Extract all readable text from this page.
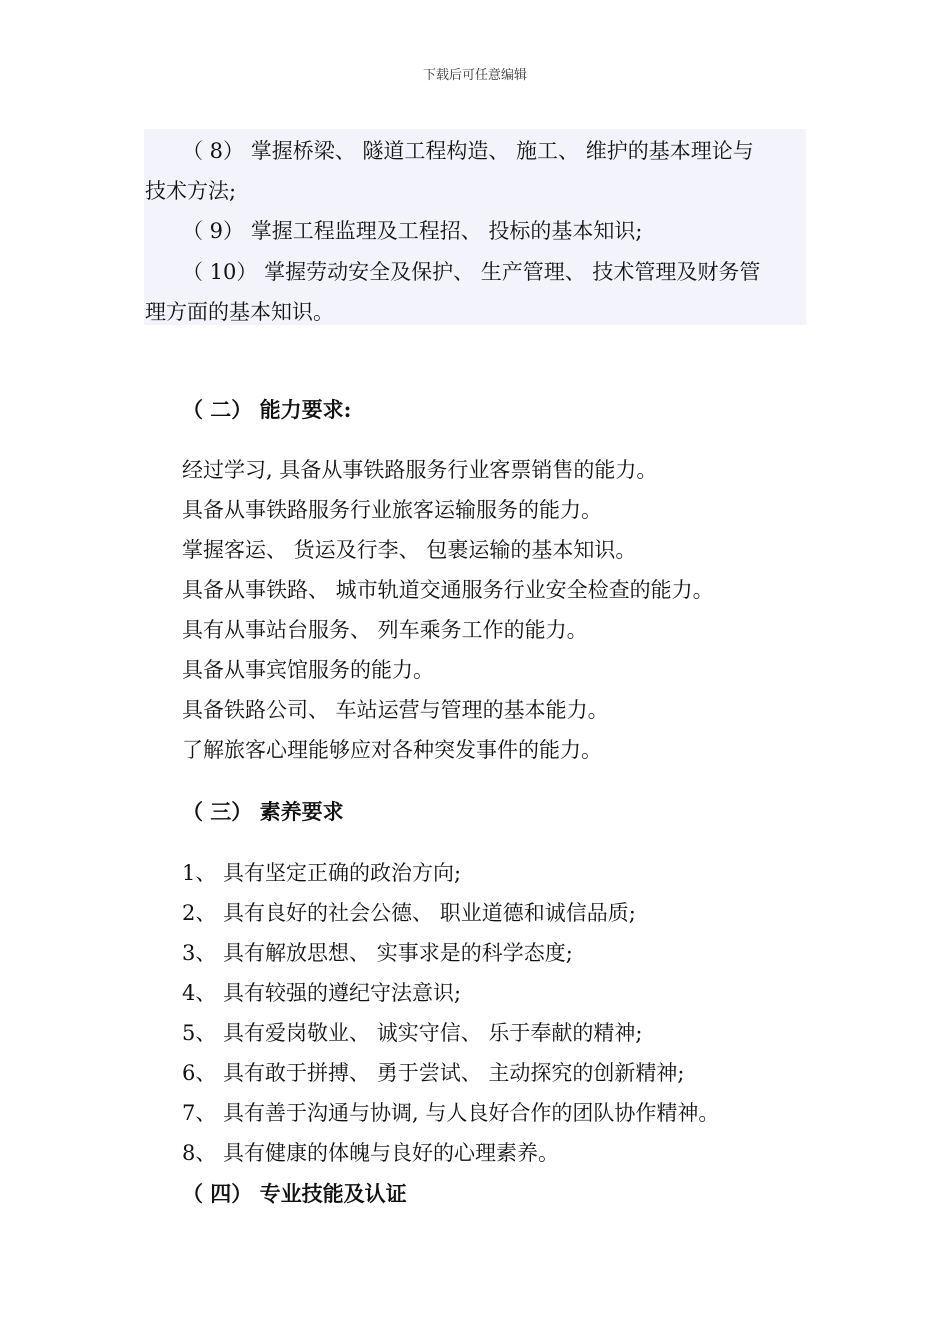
下载后可任意编辑
（ 8） 掌握桥梁、 隧道工程构造、 施工、 维护的基本理论与
技术方法;
（ 9） 掌握工程监理及工程招、 投标的基本知识;
（ 10） 掌握劳动安全及保护、 生产管理、 技术管理及财务管
理方面的基本知识。
（ 二） 能力要求:
经过学习, 具备从事铁路服务行业客票销售的能力。
具备从事铁路服务行业旅客运输服务的能力。
掌握客运、 货运及行李、 包裹运输的基本知识。
具备从事铁路、 城市轨道交通服务行业安全检查的能力。
具有从事站台服务、 列车乘务工作的能力。
具备从事宾馆服务的能力。
具备铁路公司、 车站运营与管理的基本能力。
了解旅客心理能够应对各种突发事件的能力。
（ 三） 素养要求
1、 具有坚定正确的政治方向;
2、 具有良好的社会公德、 职业道德和诚信品质;
3、 具有解放思想、 实事求是的科学态度;
4、 具有较强的遵纪守法意识;
5、 具有爱岗敬业、 诚实守信、 乐于奉献的精神;
6、 具有敢于拼搏、 勇于尝试、 主动探究的创新精神;
7、 具有善于沟通与协调, 与人良好合作的团队协作精神。
8、 具有健康的体魄与良好的心理素养。
（ 四） 专业技能及认证
